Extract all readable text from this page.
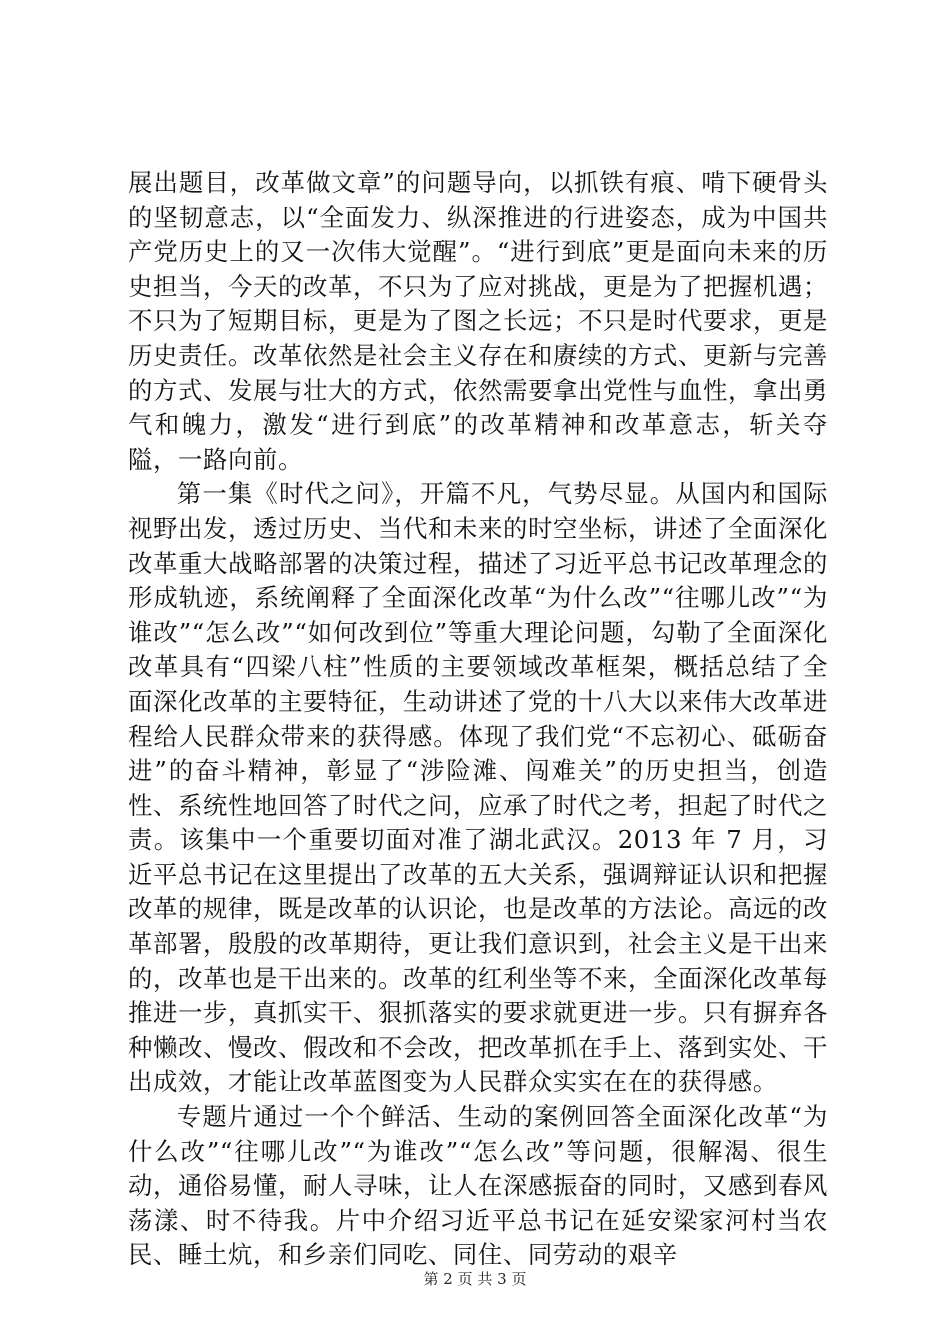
展出题目，改革做文章”的问题导向，以抓铁有痕、啃下硬骨头的坚韧意志，以“全面发力、纵深推进的行进姿态，成为中国共产党历史上的又一次伟大觉醒”。“进行到底”更是面向未来的历史担当，今天的改革，不只为了应对挑战，更是为了把握机遇；不只为了短期目标，更是为了图之长远；不只是时代要求，更是历史责任。改革依然是社会主义存在和赓续的方式、更新与完善的方式、发展与壮大的方式，依然需要拿出党性与血性，拿出勇气和魄力，激发“进行到底”的改革精神和改革意志，斩关夺隘，一路向前。

第一集《时代之问》，开篇不凡，气势尽显。从国内和国际视野出发，透过历史、当代和未来的时空坐标，讲述了全面深化改革重大战略部署的决策过程，描述了习近平总书记改革理念的形成轨迹，系统阐释了全面深化改革“为什么改”“往哪儿改”“为谁改”“怎么改”“如何改到位”等重大理论问题，勾勒了全面深化改革具有“四梁八柱”性质的主要领域改革框架，概括总结了全面深化改革的主要特征，生动讲述了党的十八大以来伟大改革进程给人民群众带来的获得感。体现了我们党“不忘初心、砥砺奋进”的奋斗精神，彰显了“涉险滩、闯难关”的历史担当，创造性、系统性地回答了时代之问，应承了时代之考，担起了时代之责。该集中一个重要切面对准了湖北武汉。2013 年 7 月，习近平总书记在这里提出了改革的五大关系，强调辩证认识和把握改革的规律，既是改革的认识论，也是改革的方法论。高远的改革部署，殷殷的改革期待，更让我们意识到，社会主义是干出来的，改革也是干出来的。改革的红利坐等不来，全面深化改革每推进一步，真抓实干、狠抓落实的要求就更进一步。只有摒弃各种懒改、慢改、假改和不会改，把改革抓在手上、落到实处、干出成效，才能让改革蓝图变为人民群众实实在在的获得感。

专题片通过一个个鲜活、生动的案例回答全面深化改革“为什么改”“往哪儿改”“为谁改”“怎么改”等问题，很解渴、很生动，通俗易懂，耐人寻味，让人在深感振奋的同时，又感到春风荡漾、时不待我。片中介绍习近平总书记在延安梁家河村当农民、睡土炕，和乡亲们同吃、同住、同劳动的艰辛

第 2 页 共 3 页
